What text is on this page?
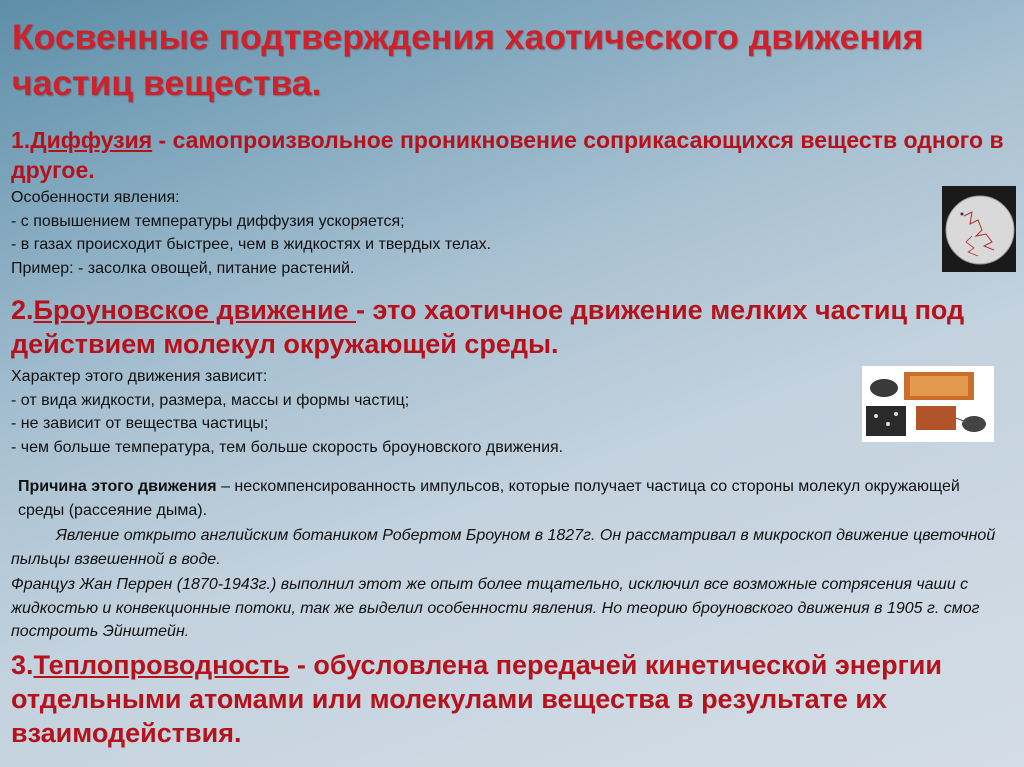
Косвенные подтверждения хаотического движения частиц вещества.
1.Диффузия - самопроизвольное проникновение соприкасающихся веществ одного в другое.

Особенности явления:

- с повышением температуры диффузия ускоряется;

- в газах происходит быстрее, чем в жидкостях и твердых телах.

Пример: - засолка овощей, питание растений.

2.Броуновское движение - это хаотичное движение мелких частиц под действием молекул окружающей среды.

Характер этого движения зависит:

- от вида жидкости, размера, массы и формы частиц;

- не зависит от вещества частицы;

- чем больше температура, тем больше скорость броуновского движения.

Причина этого движения – нескомпенсированность импульсов, которые получает частица со стороны молекул окружающей среды (рассеяние дыма).
Явление открыто английским ботаником Робертом Броуном в 1827г. Он рассматривал в микроскоп движение цветочной пыльцы взвешенной в воде.
Француз Жан Перрен (1870-1943г.) выполнил этот же опыт более тщательно, исключил все возможные сотрясения чаши с жидкостью и конвекционные потоки, так же выделил особенности явления. Но теорию броуновского движения в 1905 г. смог построить Эйнштейн.
3.Теплопроводность - обусловлена передачей кинетической энергии отдельными атомами или молекулами вещества в результате их взаимодействия.
